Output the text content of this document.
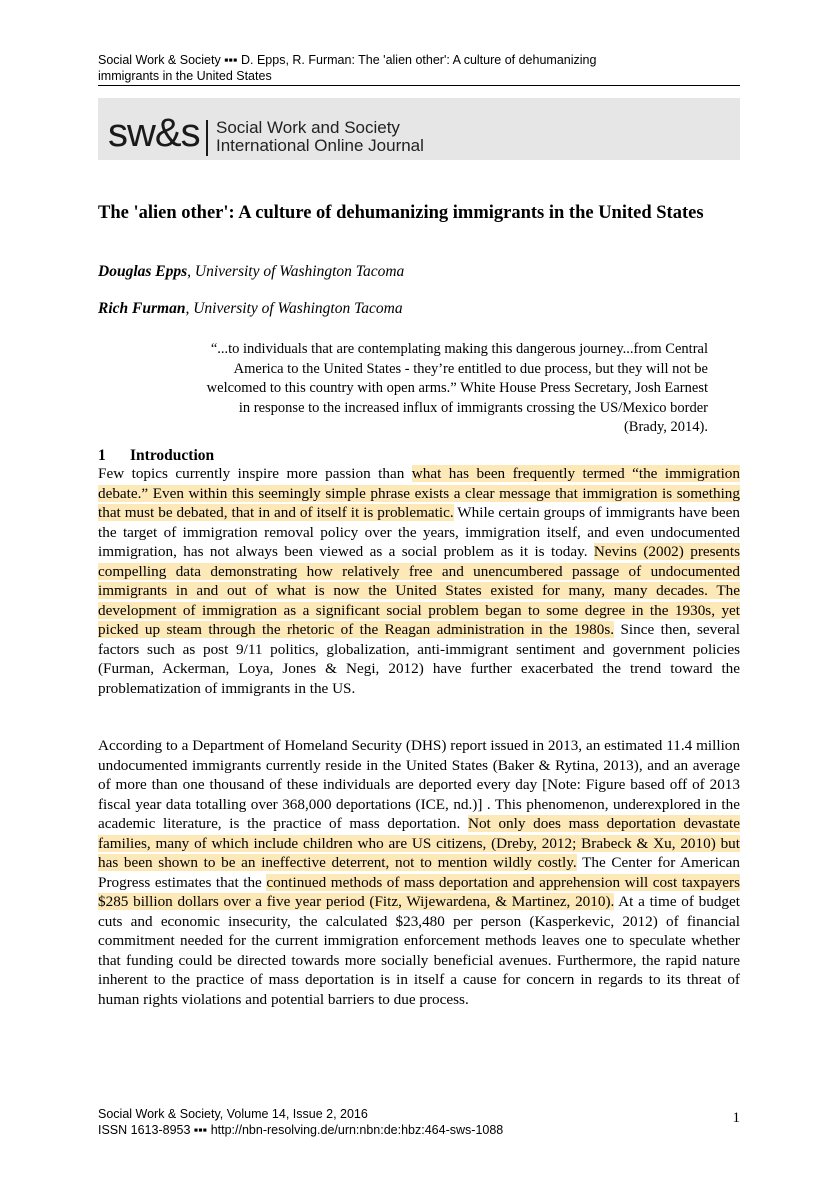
Social Work & Society ▪▪▪ D. Epps, R. Furman: The 'alien other': A culture of dehumanizing
immigrants in the United States
sw&s Social Work and Society
International Online Journal
The 'alien other': A culture of dehumanizing immigrants in the United States
Douglas Epps, University of Washington Tacoma
Rich Furman, University of Washington Tacoma
“...to individuals that are contemplating making this dangerous journey...from Central
America to the United States - they’re entitled to due process, but they will not be
welcomed to this country with open arms.” White House Press Secretary, Josh Earnest
in response to the increased influx of immigrants crossing the US/Mexico border
(Brady, 2014).
1 Introduction
Few topics currently inspire more passion than what has been frequently termed “the immigration debate.” Even within this seemingly simple phrase exists a clear message that immigration is something that must be debated, that in and of itself it is problematic. While certain groups of immigrants have been the target of immigration removal policy over the years, immigration itself, and even undocumented immigration, has not always been viewed as a social problem as it is today. Nevins (2002) presents compelling data demonstrating how relatively free and unencumbered passage of undocumented immigrants in and out of what is now the United States existed for many, many decades. The development of immigration as a significant social problem began to some degree in the 1930s, yet picked up steam through the rhetoric of the Reagan administration in the 1980s. Since then, several factors such as post 9/11 politics, globalization, anti-immigrant sentiment and government policies (Furman, Ackerman, Loya, Jones & Negi, 2012) have further exacerbated the trend toward the problematization of immigrants in the US.
According to a Department of Homeland Security (DHS) report issued in 2013, an estimated 11.4 million undocumented immigrants currently reside in the United States (Baker & Rytina, 2013), and an average of more than one thousand of these individuals are deported every day [Note: Figure based off of 2013 fiscal year data totalling over 368,000 deportations (ICE, nd.)] . This phenomenon, underexplored in the academic literature, is the practice of mass deportation. Not only does mass deportation devastate families, many of which include children who are US citizens, (Dreby, 2012; Brabeck & Xu, 2010) but has been shown to be an ineffective deterrent, not to mention wildly costly. The Center for American Progress estimates that the continued methods of mass deportation and apprehension will cost taxpayers $285 billion dollars over a five year period (Fitz, Wijewardena, & Martinez, 2010). At a time of budget cuts and economic insecurity, the calculated $23,480 per person (Kasperkevic, 2012) of financial commitment needed for the current immigration enforcement methods leaves one to speculate whether that funding could be directed towards more socially beneficial avenues. Furthermore, the rapid nature inherent to the practice of mass deportation is in itself a cause for concern in regards to its threat of human rights violations and potential barriers to due process.
Social Work & Society, Volume 14, Issue 2, 2016
ISSN 1613-8953 ▪▪▪ http://nbn-resolving.de/urn:nbn:de:hbz:464-sws-1088
1
